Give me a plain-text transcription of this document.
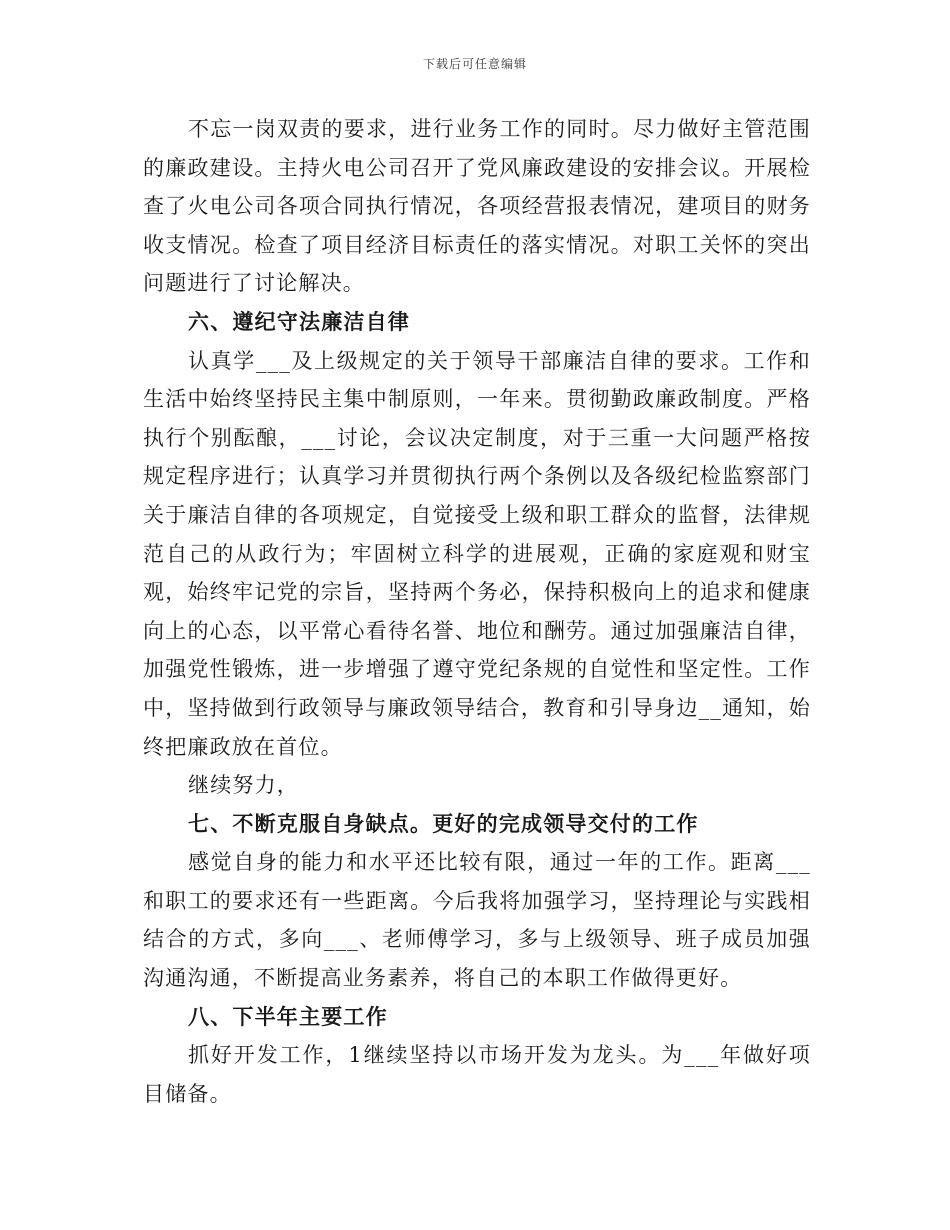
下载后可任意编辑

不忘一岗双责的要求，进行业务工作的同时。尽力做好主管范围的廉政建设。主持火电公司召开了党风廉政建设的安排会议。开展检查了火电公司各项合同执行情况，各项经营报表情况，建项目的财务收支情况。检查了项目经济目标责任的落实情况。对职工关怀的突出问题进行了讨论解决。

六、遵纪守法廉洁自律

认真学___及上级规定的关于领导干部廉洁自律的要求。工作和生活中始终坚持民主集中制原则，一年来。贯彻勤政廉政制度。严格执行个别酝酿，___讨论，会议决定制度，对于三重一大问题严格按规定程序进行；认真学习并贯彻执行两个条例以及各级纪检监察部门关于廉洁自律的各项规定，自觉接受上级和职工群众的监督，法律规范自己的从政行为；牢固树立科学的进展观，正确的家庭观和财宝观，始终牢记党的宗旨，坚持两个务必，保持积极向上的追求和健康向上的心态，以平常心看待名誉、地位和酬劳。通过加强廉洁自律，加强党性锻炼，进一步增强了遵守党纪条规的自觉性和坚定性。工作中，坚持做到行政领导与廉政领导结合，教育和引导身边__通知，始终把廉政放在首位。

继续努力，

七、不断克服自身缺点。更好的完成领导交付的工作

感觉自身的能力和水平还比较有限，通过一年的工作。距离___和职工的要求还有一些距离。今后我将加强学习，坚持理论与实践相结合的方式，多向___、老师傅学习，多与上级领导、班子成员加强沟通沟通，不断提高业务素养，将自己的本职工作做得更好。

八、下半年主要工作

抓好开发工作，1继续坚持以市场开发为龙头。为___年做好项目储备。
